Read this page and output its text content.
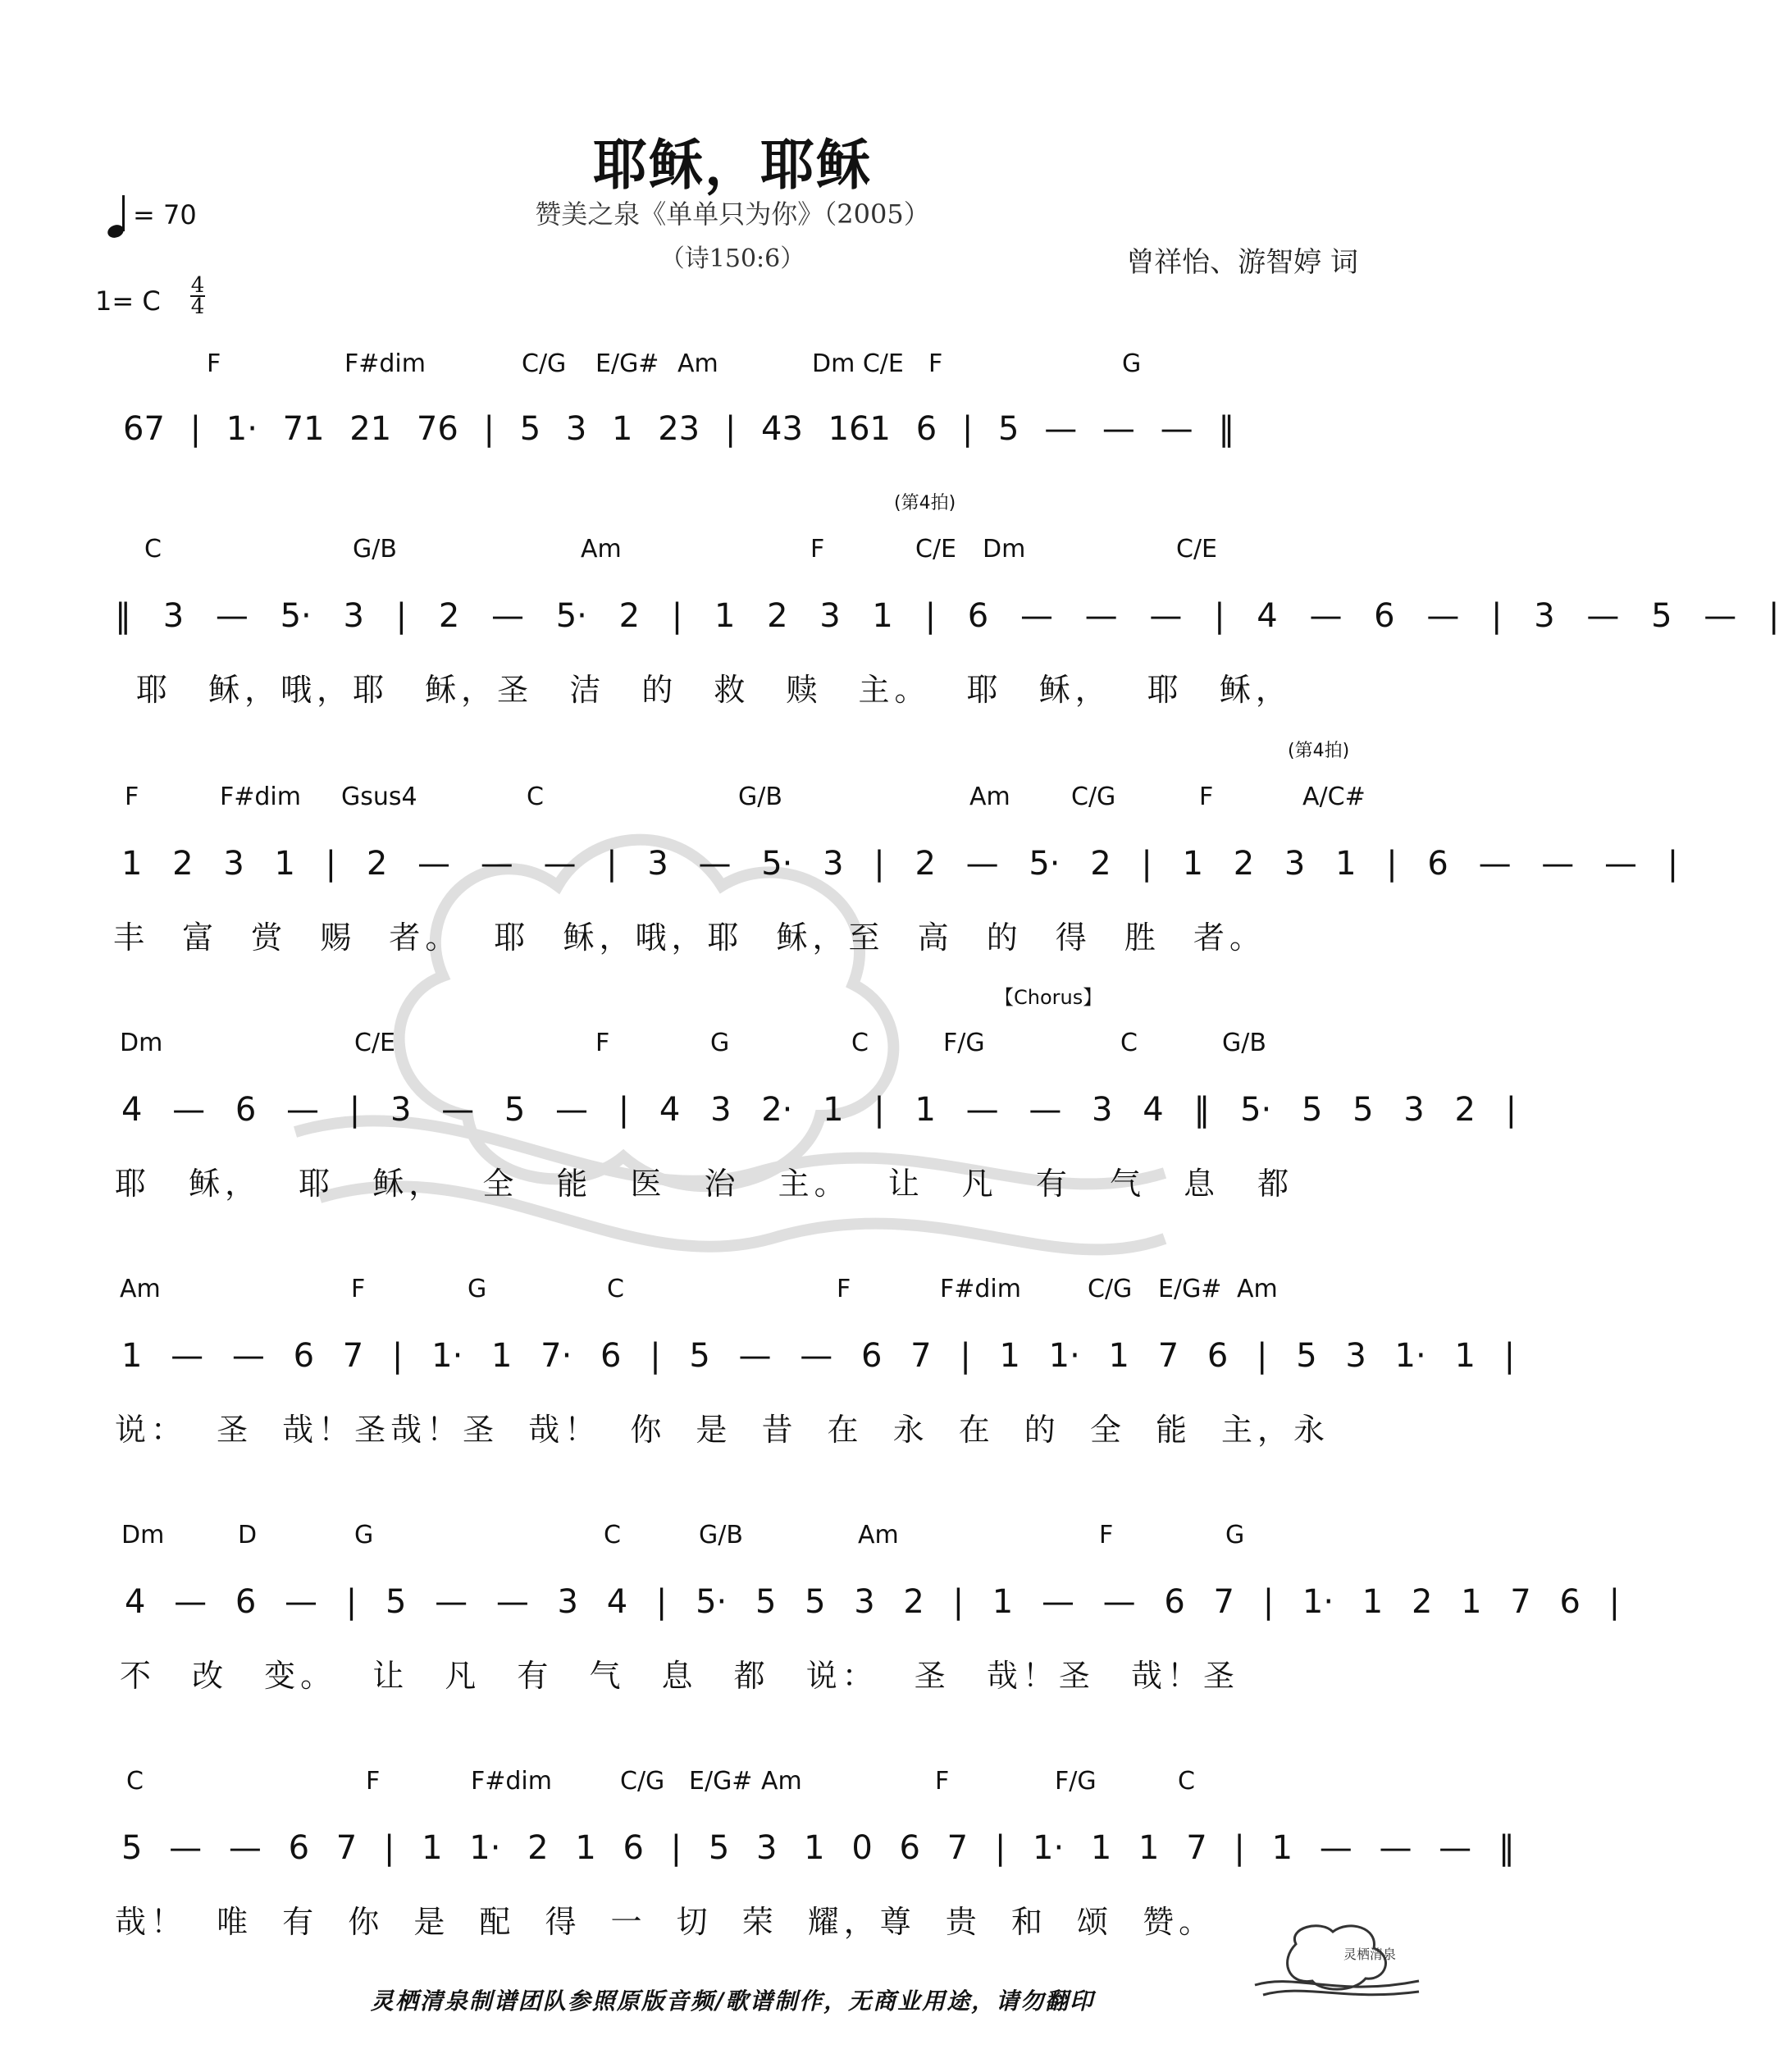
耶稣，耶稣
赞美之泉《单单只为你》（2005）
（诗150:6）
= 70
曾祥怡、游智婷 词
1= C 4
4
(第4拍)
(第4拍)
【Chorus】
F	F#dim	C/G E/G# Am	Dm C/E F	G
67 | 1· 71 21 76 | 5 3 1 23 | 43 161 6 | 5 — — — ‖
C	G/B	Am	F	C/E Dm	C/E
‖ 3 — 5· 3 | 2 — 5· 2 | 1 2 3 1 | 6 — — — | 4 — 6 — | 3 — 5 — |
耶 稣，哦，耶 稣，圣 洁 的 救 赎 主。 耶 稣， 耶 稣，
F	F#dim Gsus4	C	G/B	Am C/G	F	A/C#
1 2 3 1 | 2 — — — | 3 — 5· 3 | 2 — 5· 2 | 1 2 3 1 | 6 — — — |
丰 富 赏 赐 者。 耶 稣，哦，耶 稣，至 高 的 得 胜 者。
Dm	C/E	F	G	C	F/G	C	G/B
4 — 6 — | 3 — 5 — | 4 3 2· 1 | 1 — — 3 4 ‖ 5· 5 5 3 2 |
耶 稣， 耶 稣， 全 能 医 治 主。 让 凡 有 气 息 都
Am	F	G	C	F	F#dim	C/G E/G# Am
1 — — 6 7 | 1· 1 7· 6 | 5 — — 6 7 | 1 1· 1 7 6 | 5 3 1· 1 |
说： 圣 哉！圣哉！圣 哉！ 你 是 昔 在 永 在 的 全 能 主，永
Dm	D	G	C	G/B	Am	F	G
4 — 6 — | 5 — — 3 4 | 5· 5 5 3 2 | 1 — — 6 7 | 1· 1 2 1 7 6 |
不 改 变。 让 凡 有 气 息 都 说： 圣 哉！圣 哉！圣
C	F	F#dim	C/G E/G# Am	F	F/G	C
5 — — 6 7 | 1 1· 2 1 6 | 5 3 1 0 6 7 | 1· 1 1 7 | 1 — — — ‖
哉！ 唯 有 你 是 配 得 一 切 荣 耀，尊 贵 和 颂 赞。
灵栖清泉制谱团队参照原版音频/歌谱制作，无商业用途，请勿翻印
灵栖清泉
